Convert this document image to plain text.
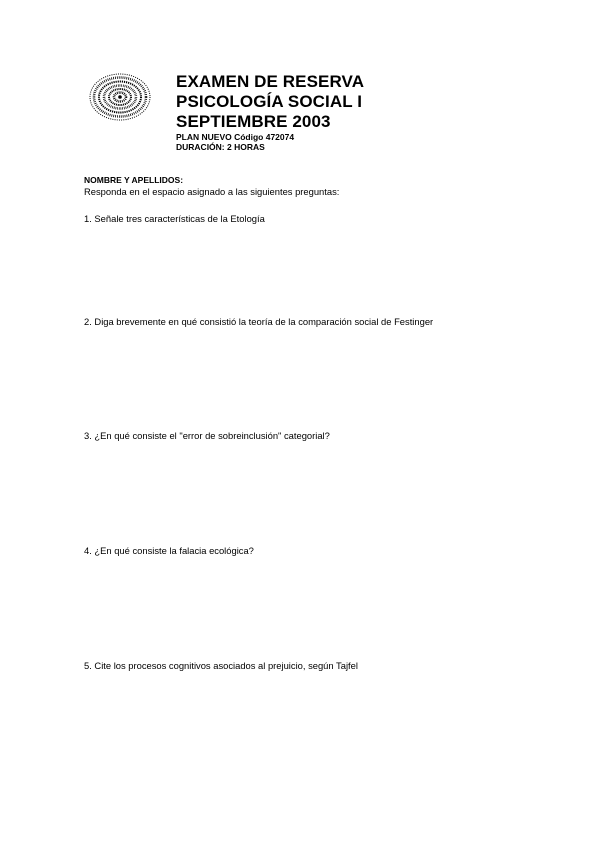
EXAMEN DE RESERVA
PSICOLOGÍA SOCIAL I
SEPTIEMBRE 2003
PLAN NUEVO Código 472074
DURACIÓN: 2 HORAS
NOMBRE Y APELLIDOS:
Responda en el espacio asignado a las siguientes preguntas:
1. Señale tres características de la Etología
2. Diga brevemente en qué consistió la teoría de la comparación social de Festinger
3. ¿En qué consiste el "error de sobreinclusión" categorial?
4. ¿En qué consiste la falacia ecológica?
5. Cite los procesos cognitivos asociados al prejuicio, según Tajfel
